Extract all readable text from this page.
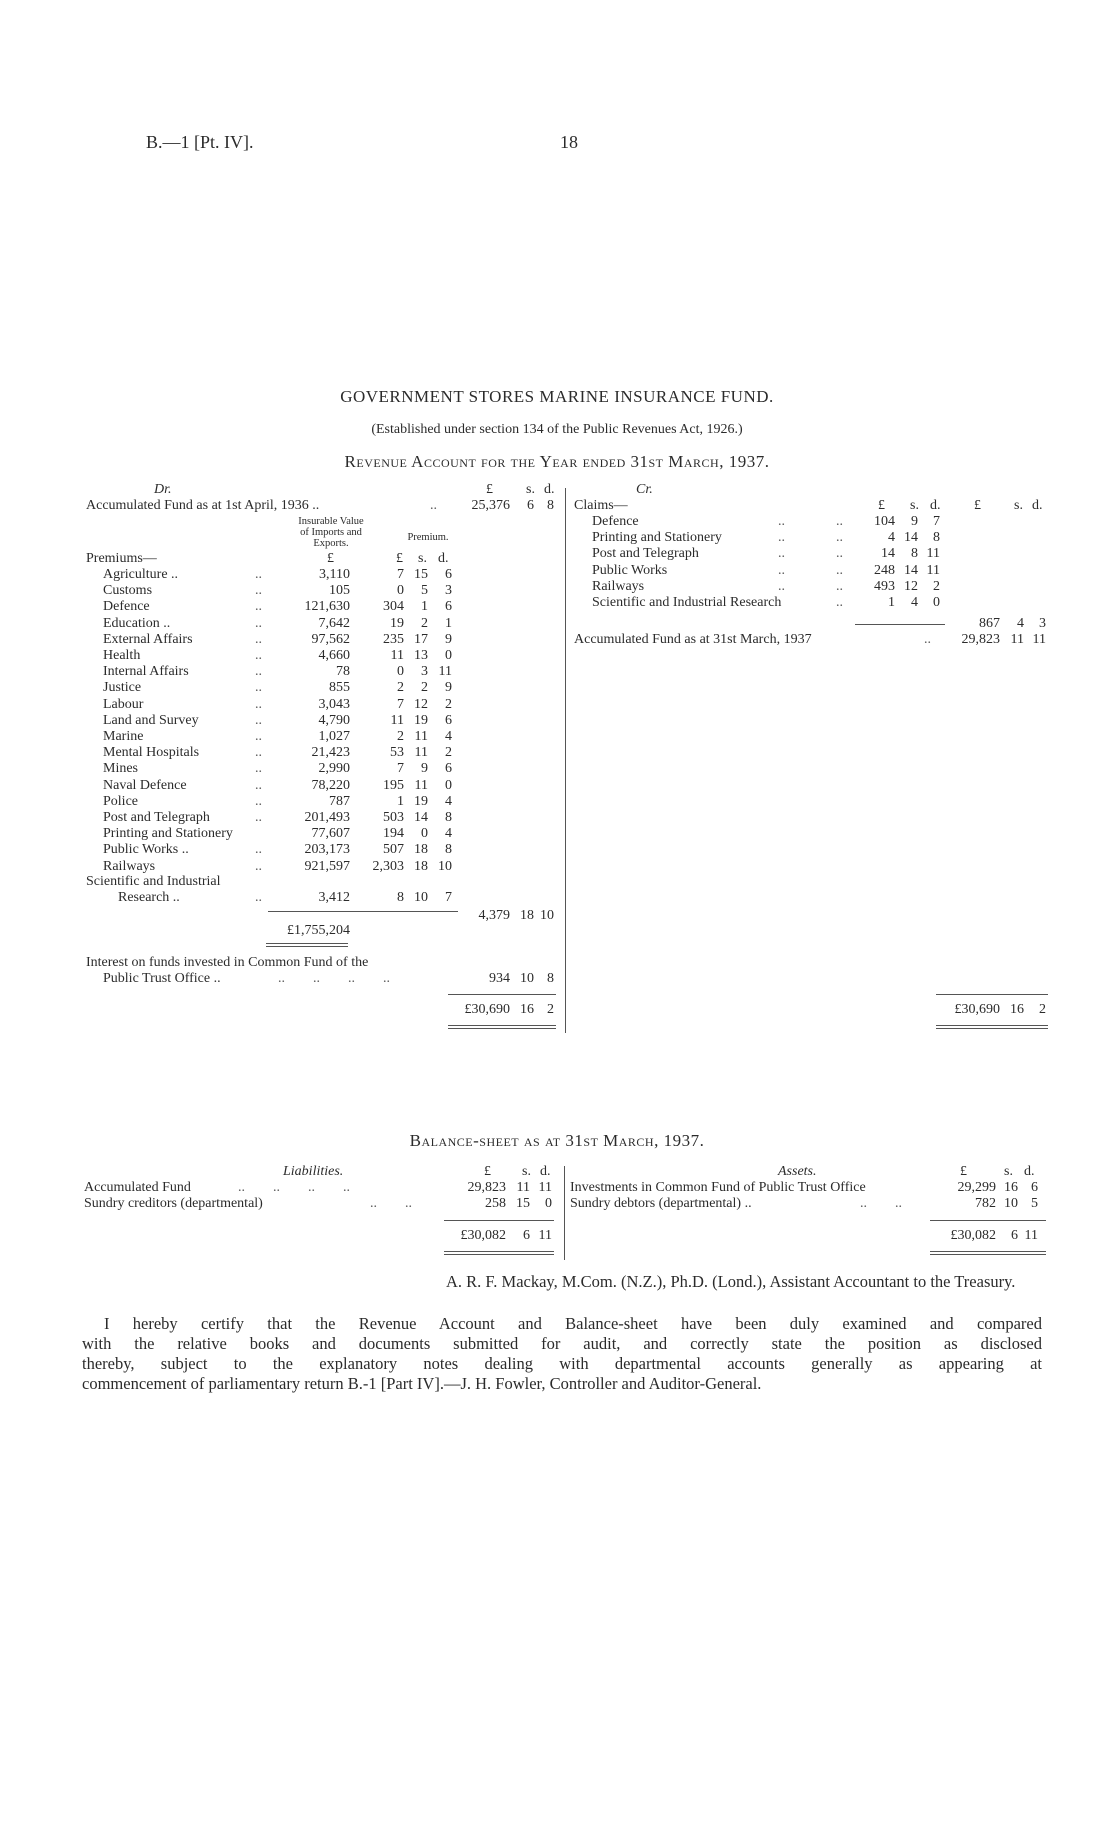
B.—1 [Pt. IV].	18
GOVERNMENT STORES MARINE INSURANCE FUND.
(Established under section 134 of the Public Revenues Act, 1926.)
Revenue Account for the Year ended 31st March, 1937.
Dr.	£ s. d.
Accumulated Fund as at 1st April, 1936 ..	..	25,376	6 8
Insurable Value
of Imports and
Exports.
Premium.
Premiums—	£	£ s. d.
Agriculture ..	..	3,110	7 15	6
Customs	..	105	0	5	3
Defence	..	121,630	304	1	6
Education ..	..	7,642	19	2	1
External Affairs	..	97,562	235 17	9
Health	..	4,660	11 13	0
Internal Affairs	..	78	0	3 11
Justice	..	855	2	2	9
Labour	..	3,043	7 12	2
Land and Survey	..	4,790	11 19	6
Marine	..	1,027	2 11	4
Mental Hospitals	..	21,423	53 11	2
Mines	..	2,990	7	9	6
Naval Defence	..	78,220	195 11	0
Police	..	787	1 19	4
Post and Telegraph	..	201,493	503 14	8
Printing and Stationery	77,607	194	0	4
Public Works ..	..	203,173	507 18	8
Railways	..	921,597	2,303 18 10
Scientific and Industrial
Research ..	..	3,412	8 10	7
4,379 18 10
£1,755,204
Interest on funds invested in Common Fund of the
Public Trust Office ..	..        ..        ..        ..	934 10 8
£30,690 16 2
Cr.
Claims—	£ s. d. £ s. d.
Defence	..	..	104	9	7
Printing and Stationery	..	..	4 14	8
Post and Telegraph	..	..	14	8 11
Public Works	..	..	248 14 11
Railways	..	..	493 12	2
Scientific and Industrial Research	..	1	4	0
867	4	3
Accumulated Fund as at 31st March, 1937	..	29,823 11 11
£30,690 16	2
Balance-sheet as at 31st March, 1937.
Liabilities.	£ s. d.	Assets.	£	s. d.
Accumulated Fund	..        ..        ..        ..	29,823 11 11
Sundry creditors (departmental)	..        ..	258 15	0
Investments in Common Fund of Public Trust Office	29,299 16 6
Sundry debtors (departmental) ..	..        ..	782 10 5
£30,082	6 11	£30,082	6 11
A. R. F. Mackay, M.Com. (N.Z.), Ph.D. (Lond.), Assistant Accountant to the Treasury.
I hereby certify that the Revenue Account and Balance-sheet have been duly examined and compared
with the relative books and documents submitted for audit, and correctly state the position as disclosed
thereby, subject to the explanatory notes dealing with departmental accounts generally as appearing at
commencement of parliamentary return B.-1 [Part IV].—J. H. Fowler, Controller and Auditor-General.
